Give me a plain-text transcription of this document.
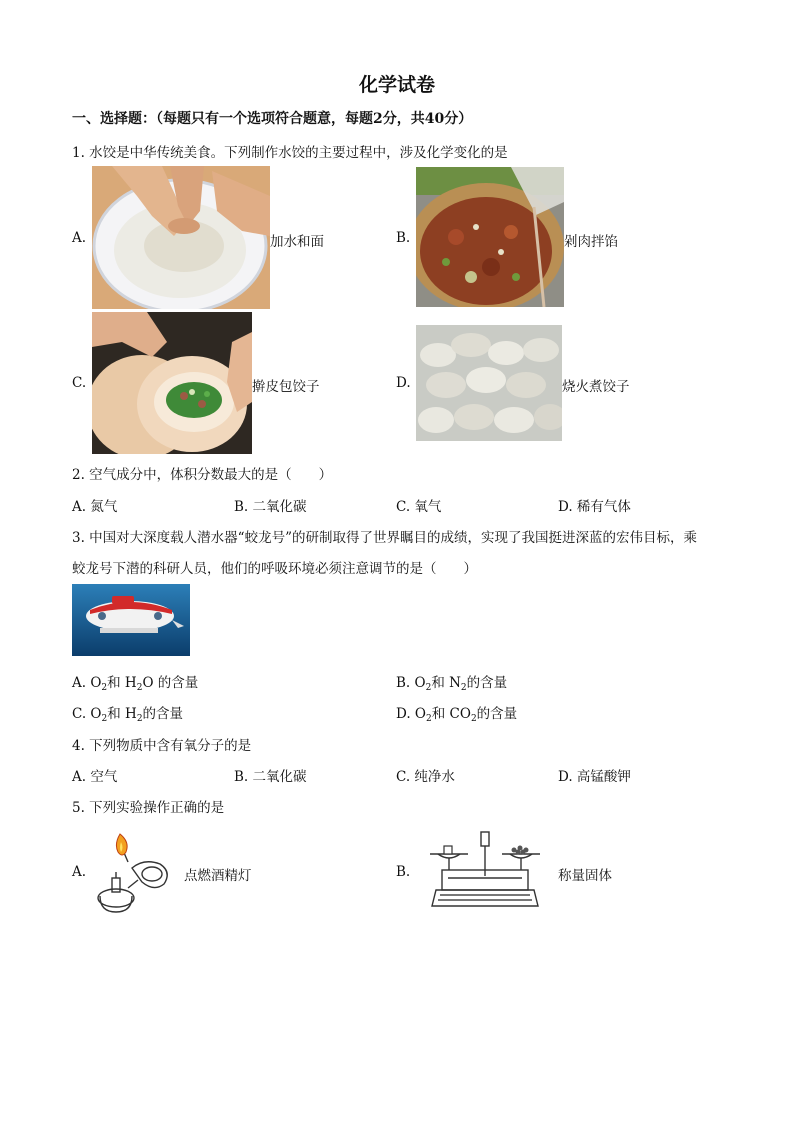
化学试卷
一、选择题：（每题只有一个选项符合题意，每题2分，共40分）
1. 水饺是中华传统美食。下列制作水饺的主要过程中，涉及化学变化的是
A.	加水和面	B.	剁肉拌馅
C.	擀皮包饺子	D.	烧火煮饺子
2. 空气成分中，体积分数最大的是（　　）
A. 氮气	B. 二氧化碳	C. 氧气	D. 稀有气体
3. 中国对大深度载人潜水器“蛟龙号”的研制取得了世界瞩目的成绩，实现了我国挺进深蓝的宏伟目标，乘
蛟龙号下潜的科研人员，他们的呼吸环境必须注意调节的是（　　）
A. $O_2$和 $H_2O$ 的含量	B. $O_2$和 $N_2$的含量
C. $O_2$和 $H_2$的含量	D. $O_2$和 $CO_2$的含量
4. 下列物质中含有氧分子的是
A. 空气	B. 二氧化碳	C. 纯净水	D. 高锰酸钾
5. 下列实验操作正确的是
A.	点燃酒精灯	B.	称量固体
